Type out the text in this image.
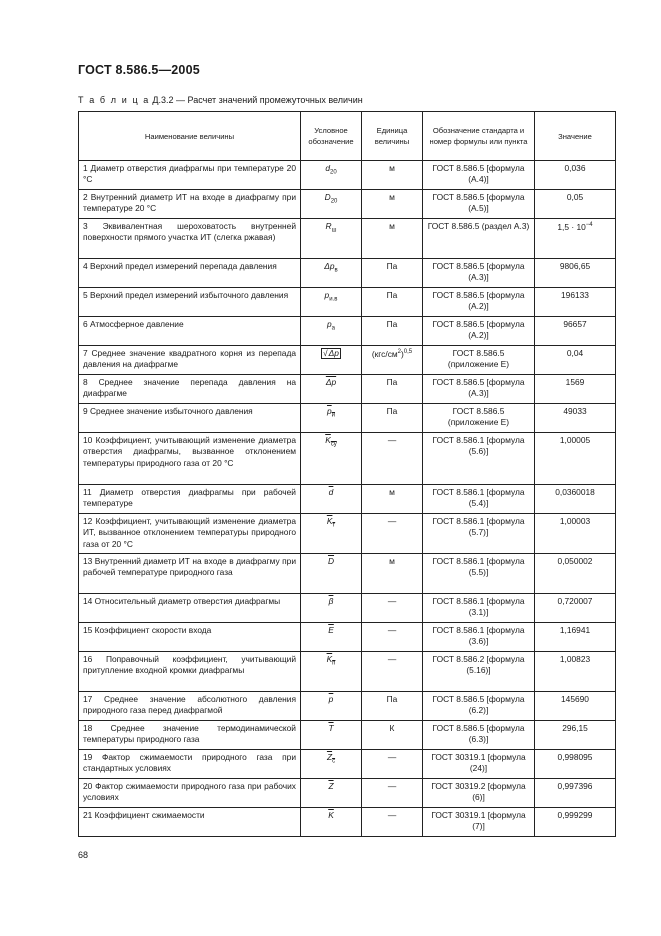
ГОСТ 8.586.5—2005
Т а б л и ц а Д.3.2 — Расчет значений промежуточных величин
Наименование величины	Условное обозначение	Единица величины	Обозначение стандарта и номер формулы или пункта	Значение
1 Диаметр отверстия диафрагмы при температуре 20 °С	$d_{20}$	м	ГОСТ 8.586.5 [формула (А.4)]	0,036
2 Внутренний диаметр ИТ на входе в диафрагму при температуре 20 °С	$D_{20}$	м	ГОСТ 8.586.5 [формула (А.5)]	0,05
3 Эквивалентная шероховатость внутренней поверхности прямого участка ИТ (слегка ржавая)	$R_ш$	м	ГОСТ 8.586.5 (раздел А.3)	$1,5 \cdot 10^{-4}$
4 Верхний предел измерений перепада давления	$\Delta p_в$	Па	ГОСТ 8.586.5 [формула (А.3)]	9806,65
5 Верхний предел измерений избыточного давления	$p_{и.в}$	Па	ГОСТ 8.586.5 [формула (А.2)]	196133
6 Атмосферное давление	$p_а$	Па	ГОСТ 8.586.5 [формула (А.2)]	96657
7 Среднее значение квадратного корня из перепада давления на диафрагме	√ Δp	$(кгс/см^2)^{0,5}$	ГОСТ 8.586.5 (приложение Е)	0,04
8 Среднее значение перепада давления на диафрагме	$\overline{\Delta p}$	Па	ГОСТ 8.586.5 [формула (А.3)]	1569
9 Среднее значение избыточного давления	$p_и$	Па	ГОСТ 8.586.5 (приложение Е)	49033
10 Коэффициент, учитывающий изменение диаметра отверстия диафрагмы, вызванное отклонением температуры природного газа от 20 °С	$K_{су}$	—	ГОСТ 8.586.1 [формула (5.6)]	1,00005
11 Диаметр отверстия диафрагмы при рабочей температуре	$\overline{d}$	м	ГОСТ 8.586.1 [формула (5.4)]	0,0360018
12 Коэффициент, учитывающий изменение диаметра ИТ, вызванное отклонением температуры природного газа от 20 °С	$K_т$	—	ГОСТ 8.586.1 [формула (5.7)]	1,00003
13 Внутренний диаметр ИТ на входе в диафрагму при рабочей температуре природного газа	$\overline{D}$	м	ГОСТ 8.586.1 [формула (5.5)]	0,050002
14 Относительный диаметр отверстия диафрагмы	$\overline{\beta}$	—	ГОСТ 8.586.1 [формула (3.1)]	0,720007
15 Коэффициент скорости входа	$\overline{E}$	—	ГОСТ 8.586.1 [формула (3.6)]	1,16941
16 Поправочный коэффициент, учитывающий притупление входной кромки диафрагмы	$K_п$	—	ГОСТ 8.586.2 [формула (5.16)]	1,00823
17 Среднее значение абсолютного давления природного газа перед диафрагмой	$\overline{p}$	Па	ГОСТ 8.586.5 [формула (6.2)]	145690
18 Среднее значение термодинамической температуры природного газа	$\overline{T}$	К	ГОСТ 8.586.5 [формула (6.3)]	296,15
19 Фактор сжимаемости природного газа при стандартных условиях	$Z_с$	—	ГОСТ 30319.1 [формула (24)]	0,998095
20 Фактор сжимаемости природного газа при рабочих условиях	$\overline{Z}$	—	ГОСТ 30319.2 [формула (6)]	0,997396
21 Коэффициент сжимаемости	$\overline{K}$	—	ГОСТ 30319.1 [формула (7)]	0,999299
68
